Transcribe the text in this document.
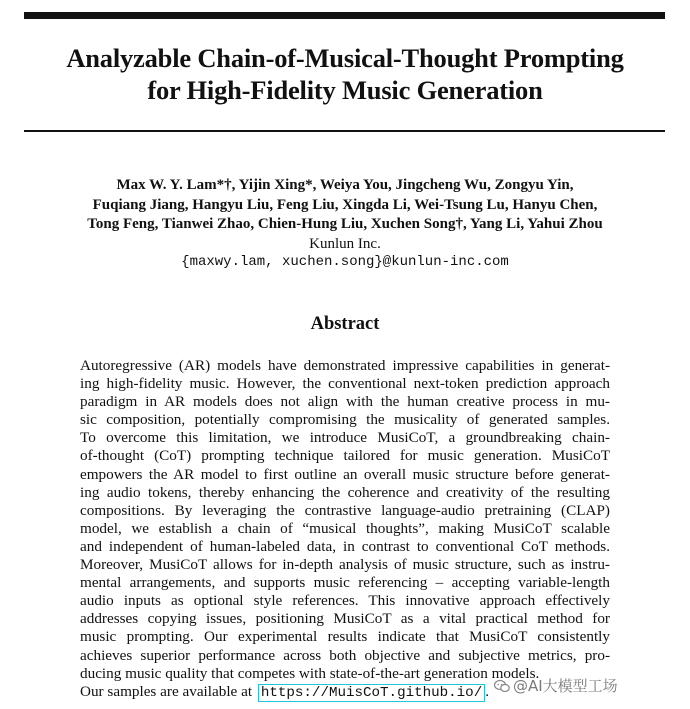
Analyzable Chain-of-Musical-Thought Prompting
for High-Fidelity Music Generation
Max W. Y. Lam*†, Yijin Xing*, Weiya You, Jingcheng Wu, Zongyu Yin,
Fuqiang Jiang, Hangyu Liu, Feng Liu, Xingda Li, Wei-Tsung Lu, Hanyu Chen,
Tong Feng, Tianwei Zhao, Chien-Hung Liu, Xuchen Song†, Yang Li, Yahui Zhou
Kunlun Inc.
{maxwy.lam, xuchen.song}@kunlun-inc.com
Abstract
Autoregressive (AR) models have demonstrated impressive capabilities in generat-
ing high-fidelity music. However, the conventional next-token prediction approach
paradigm in AR models does not align with the human creative process in mu-
sic composition, potentially compromising the musicality of generated samples.
To overcome this limitation, we introduce MusiCoT, a groundbreaking chain-
of-thought (CoT) prompting technique tailored for music generation. MusiCoT
empowers the AR model to first outline an overall music structure before generat-
ing audio tokens, thereby enhancing the coherence and creativity of the resulting
compositions. By leveraging the contrastive language-audio pretraining (CLAP)
model, we establish a chain of “musical thoughts”, making MusiCoT scalable
and independent of human-labeled data, in contrast to conventional CoT methods.
Moreover, MusiCoT allows for in-depth analysis of music structure, such as instru-
mental arrangements, and supports music referencing – accepting variable-length
audio inputs as optional style references. This innovative approach effectively
addresses copying issues, positioning MusiCoT as a vital practical method for
music prompting. Our experimental results indicate that MusiCoT consistently
achieves superior performance across both objective and subjective metrics, pro-
ducing music quality that competes with state-of-the-art generation models.
Our samples are available at https://MuisCoT.github.io/ .	@AI大模型工场
